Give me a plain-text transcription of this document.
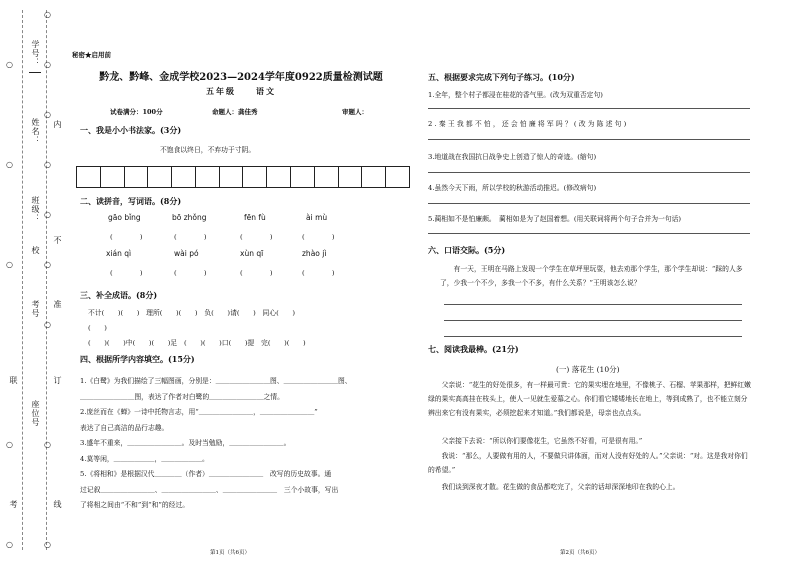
学号：
姓名：
班级：
校
考号
座位号
内
不
准
订
线
联
考
○
○
○
○
○
○
○
○
○
○
○
○
○
○
秘密★启用前
黔龙、黔峰、金成学校2023—2024学年度0922质量检测试题
五年级　　语文
试卷满分：100分	命题人：龚佳秀	审题人：
一、我是小小书法家。(3分)
不饱食以终日，不弃功于寸阴。
二、读拼音，写词语。(8分)
gāo bǐng	bō zhǒng	fēn fù	ài mù
(　　　　)	(　　　　)	(　　　　)	(　　　　)
xián qì	wài pó	xùn qī	zhào jì
(　　　　)	(　　　　)	(　　　　)	(　　　　)
三、补全成语。(8分)
不计(　　)(　　)　理所(　　)(　　)　负(　　)请(　　)　同心(　　)
(　　)
(　　)(　　)中(　　)(　　)足　(　　)(　　)口(　　)提　完(　　)(　　)
四、根据所学内容填空。(15分)
1.《白鹭》为我们描绘了三幅图画，分别是：＿＿＿＿＿＿＿＿图、＿＿＿＿＿＿＿＿图、
＿＿＿＿＿＿＿＿图，表达了作者对白鹭的＿＿＿＿＿＿＿＿之情。
2.庞丝而在《蝉》一诗中托物言志，用“＿＿＿＿＿＿＿＿，＿＿＿＿＿＿＿＿”
表达了自己高洁的品行志趣。
3.盛年不重来，＿＿＿＿＿＿＿＿。及时当勉励，＿＿＿＿＿＿＿＿。
4.莫等闲，＿＿＿＿＿＿，＿＿＿＿＿＿。
5.《将相和》是根据汉代＿＿＿＿（作者）＿＿＿＿＿＿＿＿　改写的历史故事。通
过记叙＿＿＿＿＿＿＿＿、＿＿＿＿＿＿＿＿、＿＿＿＿＿＿＿＿　三个小故事，写出
了将相之间由“不和”到“和”的经过。
第1页（共6页）
五、根据要求完成下列句子练习。(10分)
1.全年，整个村子都浸在桂花的香气里。(改为双重否定句)
2.秦王我都不怕，还会怕廉将军吗？(改为陈述句)
3.地道战在我国抗日战争史上创造了惊人的奇迹。(缩句)
4.虽然今天下雨，所以学校的秋游活动推迟。(修改病句)
5.蔺相如不是怕廉颇。　蔺相如是为了赵国着想。(用关联词将两个句子合并为一句话)
六、口语交际。(5分)
有一天，王明在马路上发现一个学生在草坪里玩耍，他去劝那个学生，那个学生却说：“踩的人多了，少我一个不少，多我一个不多，有什么关系？”王明该怎么说？
七、阅读我最棒。(21分)
(一) 落花生 (10分)
父亲说：“花生的好处很多，有一样最可贵：它的果实埋在地里，不像桃子、石榴、苹果那样，把鲜红嫩绿的果实高高挂在枝头上，使人一见就生爱慕之心。你们看它矮矮地长在地上，等到成熟了，也不能立刻分辨出来它有没有果实，必须挖起来才知道。”我们都说是，母亲也点点头。
父亲接下去说：“所以你们要像花生，它虽然不好看，可是很有用。”
我说：“那么，人要做有用的人，不要做只讲体面，而对人没有好处的人。”父亲说：“对。这是我对你们的希望。”
我们谈到深夜才散。花生做的食品都吃完了，父亲的话却深深地印在我的心上。
第2页（共6页）
